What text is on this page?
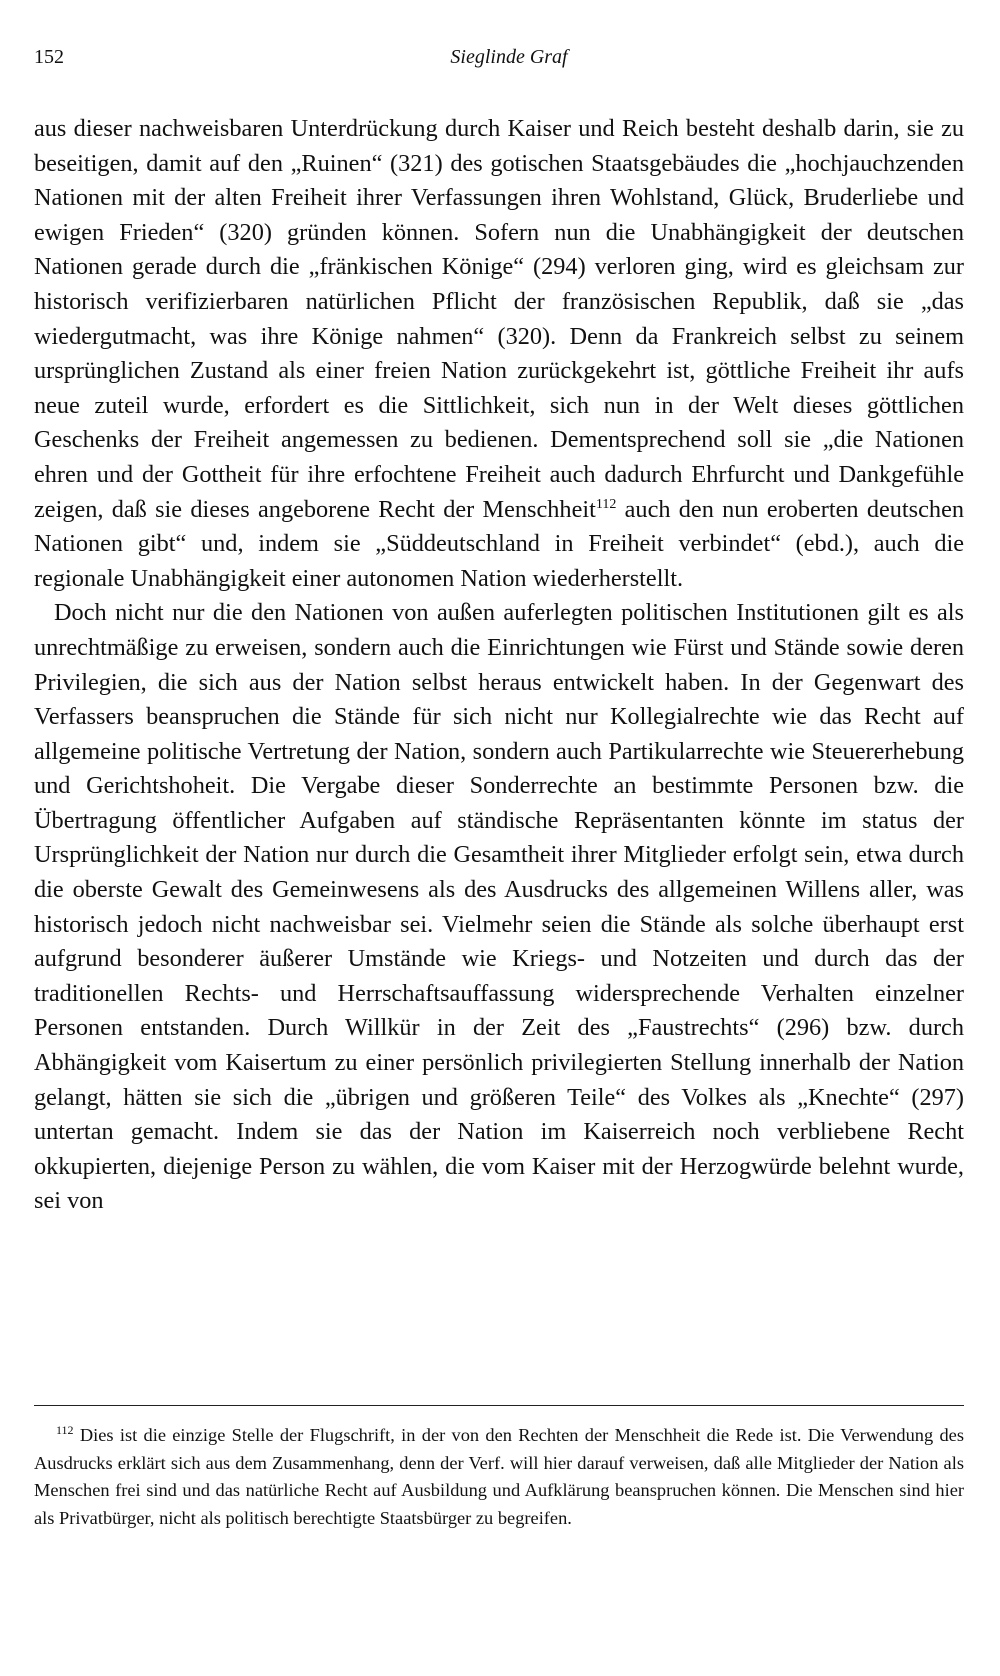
152	Sieglinde Graf

aus dieser nachweisbaren Unterdrückung durch Kaiser und Reich besteht deshalb darin, sie zu beseitigen, damit auf den „Ruinen“ (321) des gotischen Staatsgebäudes die „hochjauchzenden Nationen mit der alten Freiheit ihrer Verfassungen ihren Wohlstand, Glück, Bruderliebe und ewigen Frieden“ (320) gründen können. Sofern nun die Unabhängigkeit der deutschen Nationen gerade durch die „fränkischen Könige“ (294) verloren ging, wird es gleichsam zur historisch verifizierbaren natürlichen Pflicht der französischen Republik, daß sie „das wiedergutmacht, was ihre Könige nahmen“ (320). Denn da Frankreich selbst zu seinem ursprünglichen Zustand als einer freien Nation zurückgekehrt ist, göttliche Freiheit ihr aufs neue zuteil wurde, erfordert es die Sittlichkeit, sich nun in der Welt dieses göttlichen Geschenks der Freiheit angemessen zu bedienen. Dementsprechend soll sie „die Nationen ehren und der Gottheit für ihre erfochtene Freiheit auch dadurch Ehrfurcht und Dankgefühle zeigen, daß sie dieses angeborene Recht der Menschheit$^{112}$ auch den nun eroberten deutschen Nationen gibt“ und, indem sie „Süddeutschland in Freiheit verbindet“ (ebd.), auch die regionale Unabhängigkeit einer autonomen Nation wiederherstellt.

Doch nicht nur die den Nationen von außen auferlegten politischen Institutionen gilt es als unrechtmäßige zu erweisen, sondern auch die Einrichtungen wie Fürst und Stände sowie deren Privilegien, die sich aus der Nation selbst heraus entwickelt haben. In der Gegenwart des Verfassers beanspruchen die Stände für sich nicht nur Kollegialrechte wie das Recht auf allgemeine politische Vertretung der Nation, sondern auch Partikularrechte wie Steuererhebung und Gerichtshoheit. Die Vergabe dieser Sonderrechte an bestimmte Personen bzw. die Übertragung öffentlicher Aufgaben auf ständische Repräsentanten könnte im status der Ursprünglichkeit der Nation nur durch die Gesamtheit ihrer Mitglieder erfolgt sein, etwa durch die oberste Gewalt des Gemeinwesens als des Ausdrucks des allgemeinen Willens aller, was historisch jedoch nicht nachweisbar sei. Vielmehr seien die Stände als solche überhaupt erst aufgrund besonderer äußerer Umstände wie Kriegs- und Notzeiten und durch das der traditionellen Rechts- und Herrschaftsauffassung widersprechende Verhalten einzelner Personen entstanden. Durch Willkür in der Zeit des „Faustrechts“ (296) bzw. durch Abhängigkeit vom Kaisertum zu einer persönlich privilegierten Stellung innerhalb der Nation gelangt, hätten sie sich die „übrigen und größeren Teile“ des Volkes als „Knechte“ (297) untertan gemacht. Indem sie das der Nation im Kaiserreich noch verbliebene Recht okkupierten, diejenige Person zu wählen, die vom Kaiser mit der Herzogwürde belehnt wurde, sei von

$^{112}$ Dies ist die einzige Stelle der Flugschrift, in der von den Rechten der Menschheit die Rede ist. Die Verwendung des Ausdrucks erklärt sich aus dem Zusammenhang, denn der Verf. will hier darauf verweisen, daß alle Mitglieder der Nation als Menschen frei sind und das natürliche Recht auf Ausbildung und Aufklärung beanspruchen können. Die Menschen sind hier als Privatbürger, nicht als politisch berechtigte Staatsbürger zu begreifen.
